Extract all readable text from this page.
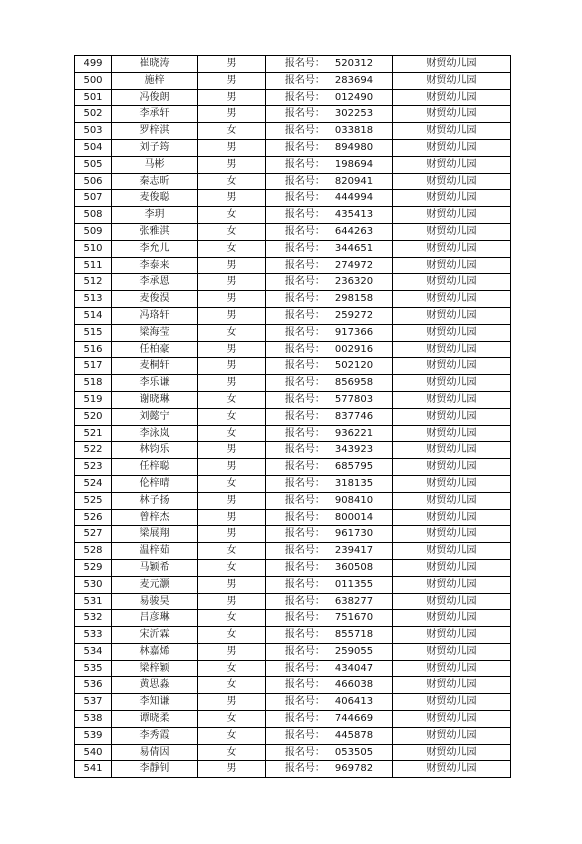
499	崔晓涛	男	报名号： 520312	财贸幼儿园
500	施梓	男	报名号： 283694	财贸幼儿园
501	冯俊朗	男	报名号： 012490	财贸幼儿园
502	李承轩	男	报名号： 302253	财贸幼儿园
503	罗梓淇	女	报名号： 033818	财贸幼儿园
504	刘子筠	男	报名号： 894980	财贸幼儿园
505	马彬	男	报名号： 198694	财贸幼儿园
506	秦志昕	女	报名号： 820941	财贸幼儿园
507	麦俊聪	男	报名号： 444994	财贸幼儿园
508	李玥	女	报名号： 435413	财贸幼儿园
509	张雅淇	女	报名号： 644263	财贸幼儿园
510	李允儿	女	报名号： 344651	财贸幼儿园
511	李泰来	男	报名号： 274972	财贸幼儿园
512	李承恩	男	报名号： 236320	财贸幼儿园
513	麦俊淏	男	报名号： 298158	财贸幼儿园
514	冯珞轩	男	报名号： 259272	财贸幼儿园
515	梁海莹	女	报名号： 917366	财贸幼儿园
516	任柏豪	男	报名号： 002916	财贸幼儿园
517	麦桐轩	男	报名号： 502120	财贸幼儿园
518	李乐谦	男	报名号： 856958	财贸幼儿园
519	谢晓琳	女	报名号： 577803	财贸幼儿园
520	刘懿宁	女	报名号： 837746	财贸幼儿园
521	李泳岚	女	报名号： 936221	财贸幼儿园
522	林钧乐	男	报名号： 343923	财贸幼儿园
523	任梓聪	男	报名号： 685795	财贸幼儿园
524	伦梓晴	女	报名号： 318135	财贸幼儿园
525	林子扬	男	报名号： 908410	财贸幼儿园
526	曾梓杰	男	报名号： 800014	财贸幼儿园
527	梁展翔	男	报名号： 961730	财贸幼儿园
528	温梓茹	女	报名号： 239417	财贸幼儿园
529	马颖希	女	报名号： 360508	财贸幼儿园
530	麦元灏	男	报名号： 011355	财贸幼儿园
531	易骏昊	男	报名号： 638277	财贸幼儿园
532	吕彦琳	女	报名号： 751670	财贸幼儿园
533	宋沂霖	女	报名号： 855718	财贸幼儿园
534	林嘉烯	男	报名号： 259055	财贸幼儿园
535	梁梓颖	女	报名号： 434047	财贸幼儿园
536	黄思淼	女	报名号： 466038	财贸幼儿园
537	李知谦	男	报名号： 406413	财贸幼儿园
538	谭晓柔	女	报名号： 744669	财贸幼儿园
539	李秀霞	女	报名号： 445878	财贸幼儿园
540	易倩因	女	报名号： 053505	财贸幼儿园
541	李靜钊	男	报名号： 969782	财贸幼儿园
